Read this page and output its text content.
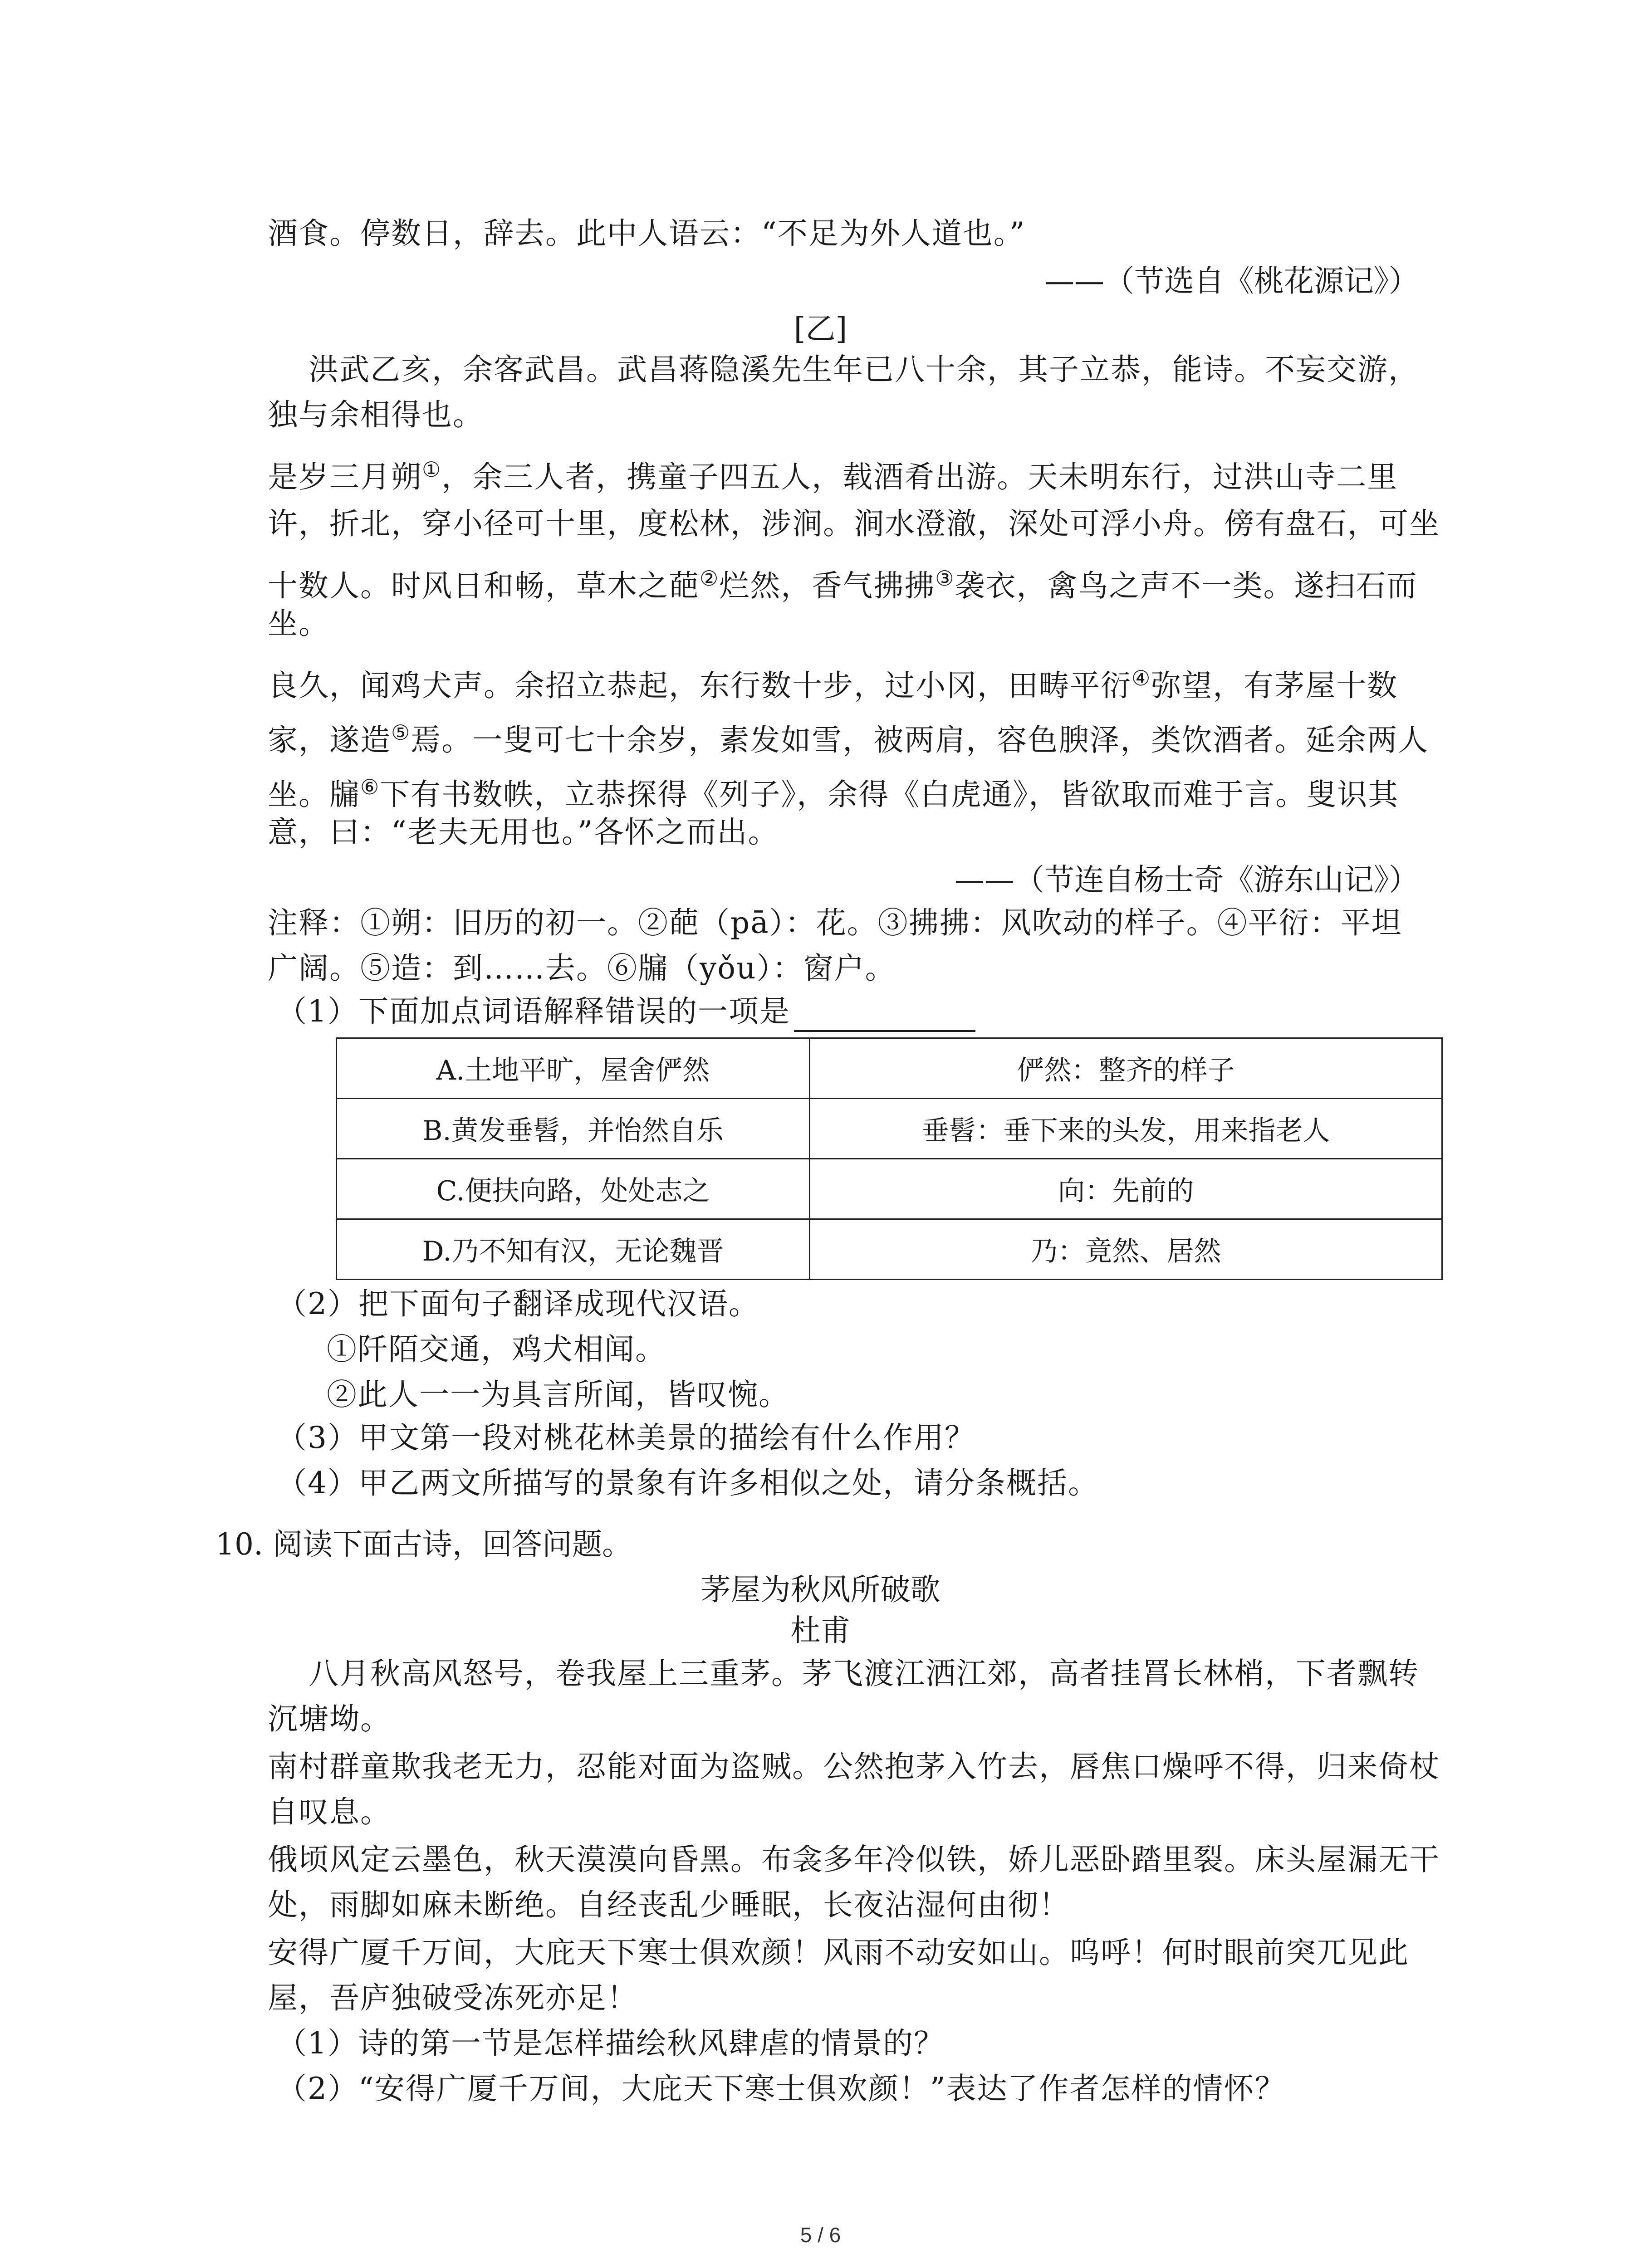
酒食。停数日，辞去。此中人语云：“不足为外人道也。”
——（节选自《桃花源记》）
[乙]
洪武乙亥，余客武昌。武昌蒋隐溪先生年已八十余，其子立恭，能诗。不妄交游，
独与余相得也。
是岁三月朔①，余三人者，携童子四五人，载酒肴出游。天未明东行，过洪山寺二里
许，折北，穿小径可十里，度松林，涉涧。涧水澄澈，深处可浮小舟。傍有盘石，可坐
十数人。时风日和畅，草木之葩②烂然，香气拂拂③袭衣，禽鸟之声不一类。遂扫石而
坐。
良久，闻鸡犬声。余招立恭起，东行数十步，过小冈，田畴平衍④弥望，有茅屋十数
家，遂造⑤焉。一叟可七十余岁，素发如雪，被两肩，容色腴泽，类饮酒者。延余两人
坐。牖⑥下有书数帙，立恭探得《列子》，余得《白虎通》，皆欲取而难于言。叟识其
意，曰：“老夫无用也。”各怀之而出。
——（节连自杨士奇《游东山记》）
注释：①朔：旧历的初一。②葩（pā）：花。③拂拂：风吹动的样子。④平衍：平坦
广阔。⑤造：到……去。⑥牖（yǒu）：窗户。
（1）下面加点词语解释错误的一项是
A.土地平旷，屋舍俨然	俨然：整齐的样子
B.黄发垂髫，并怡然自乐	垂髫：垂下来的头发，用来指老人
C.便扶向路，处处志之	向：先前的
D.乃不知有汉，无论魏晋	乃：竟然、居然
（2）把下面句子翻译成现代汉语。
①阡陌交通，鸡犬相闻。
②此人一一为具言所闻，皆叹惋。
（3）甲文第一段对桃花林美景的描绘有什么作用？
（4）甲乙两文所描写的景象有许多相似之处，请分条概括。
10. 阅读下面古诗，回答问题。
茅屋为秋风所破歌
杜甫
八月秋高风怒号，卷我屋上三重茅。茅飞渡江洒江郊，高者挂罥长林梢，下者飘转
沉塘坳。
南村群童欺我老无力，忍能对面为盗贼。公然抱茅入竹去，唇焦口燥呼不得，归来倚杖
自叹息。
俄顷风定云墨色，秋天漠漠向昏黑。布衾多年冷似铁，娇儿恶卧踏里裂。床头屋漏无干
处，雨脚如麻未断绝。自经丧乱少睡眠，长夜沾湿何由彻！
安得广厦千万间，大庇天下寒士俱欢颜！风雨不动安如山。呜呼！何时眼前突兀见此
屋，吾庐独破受冻死亦足！
（1）诗的第一节是怎样描绘秋风肆虐的情景的？
（2）“安得广厦千万间，大庇天下寒士俱欢颜！”表达了作者怎样的情怀？
5 / 6
